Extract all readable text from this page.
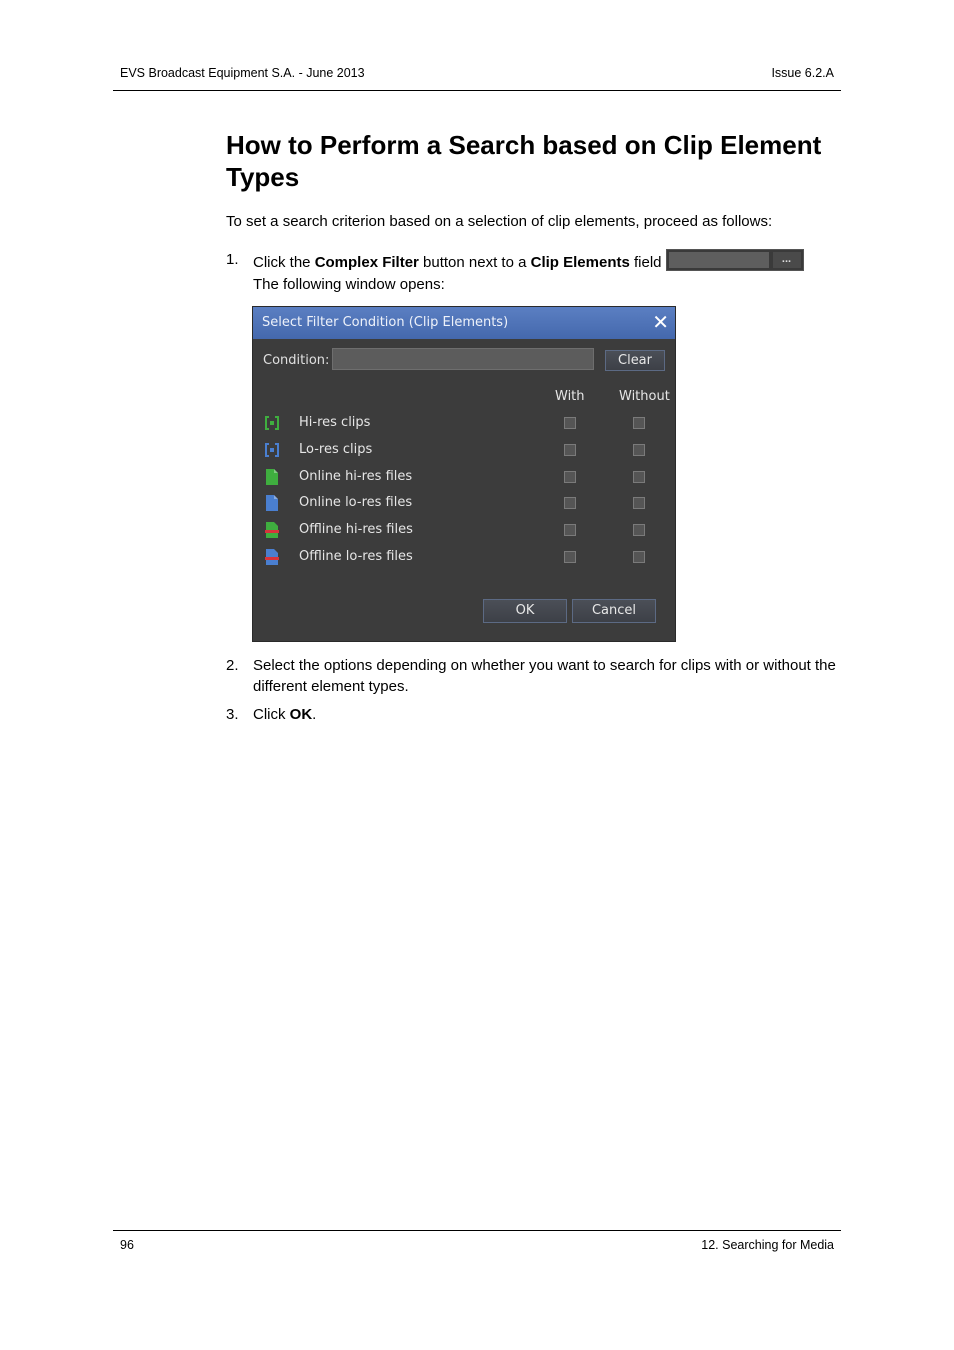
EVS Broadcast Equipment S.A. - June 2013	Issue 6.2.A
How to Perform a Search based on Clip Element Types

To set a search criterion based on a selection of clip elements, proceed as follows:

1. Click the Complex Filter button next to a Clip Elements field	...
The following window opens:
Select Filter Condition (Clip Elements)	✕
Condition:	Clear
With	Without
Hi-res clips
Lo-res clips
Online hi-res files
Online lo-res files
Offline hi-res files
Offline lo-res files
OK	Cancel
2. Select the options depending on whether you want to search for clips with or without the different element types.
3. Click OK.
96	12. Searching for Media
